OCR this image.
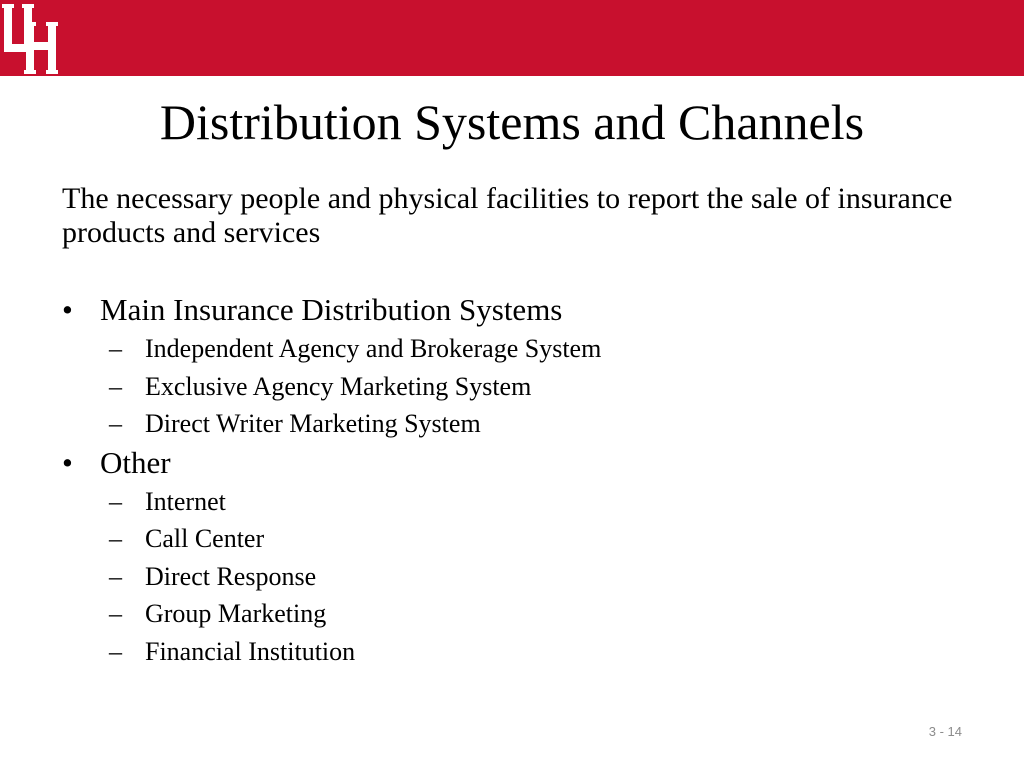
Distribution Systems and Channels
The necessary people and physical facilities to report the sale of insurance products and services
• Main Insurance Distribution Systems
– Independent Agency and Brokerage System
– Exclusive Agency Marketing System
– Direct Writer Marketing System
• Other
– Internet
– Call Center
– Direct Response
– Group Marketing
– Financial Institution
3 - 14
